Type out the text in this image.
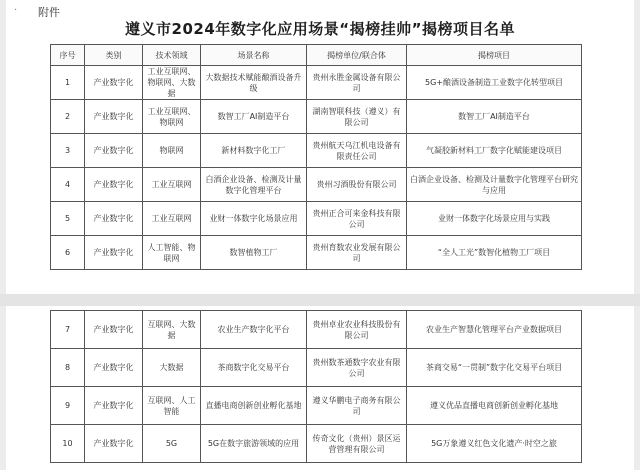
·	附件
遵义市2024年数字化应用场景“揭榜挂帅”揭榜项目名单
序号	类别	技术领域	场景名称	揭榜单位/联合体	揭榜项目
1	产业数字化	工业互联网、物联网、大数据	大数据技术赋能酿酒设备升级	贵州永胜金属设备有限公司	5G+酿酒设备制造工业数字化转型项目
2	产业数字化	工业互联网、物联网	数智工厂AI制造平台	湖南智联科技（遵义）有限公司	数智工厂AI制造平台
3	产业数字化	物联网	新材料数字化工厂	贵州航天乌江机电设备有限责任公司	气凝胶新材料工厂数字化赋能建设项目
4	产业数字化	工业互联网	白酒企业设备、检测及计量数字化管理平台	贵州习酒股份有限公司	白酒企业设备、检测及计量数字化管理平台研究与应用
5	产业数字化	工业互联网	业财一体数字化场景应用	贵州正合可来金科技有限公司	业财一体数字化场景应用与实践
6	产业数字化	人工智能、物联网	数智植物工厂	贵州育数农业发展有限公司	“全人工光”数智化植物工厂项目
7	产业数字化	互联网、大数据	农业生产数字化平台	贵州卓业农业科技股份有限公司	农业生产智慧化管理平台产业数据项目
8	产业数字化	大数据	茶商数字化交易平台	贵州数茶通数字农业有限公司	茶商交易“一贯制”数字化交易平台项目
9	产业数字化	互联网、人工智能	直播电商创新创业孵化基地	遵义华鹏电子商务有限公司	遵义优品直播电商创新创业孵化基地
10	产业数字化	5G	5G在数字旅游领域的应用	传奇文化（贵州）景区运营管理有限公司	5G万象遵义红色文化遗产·时空之旅
